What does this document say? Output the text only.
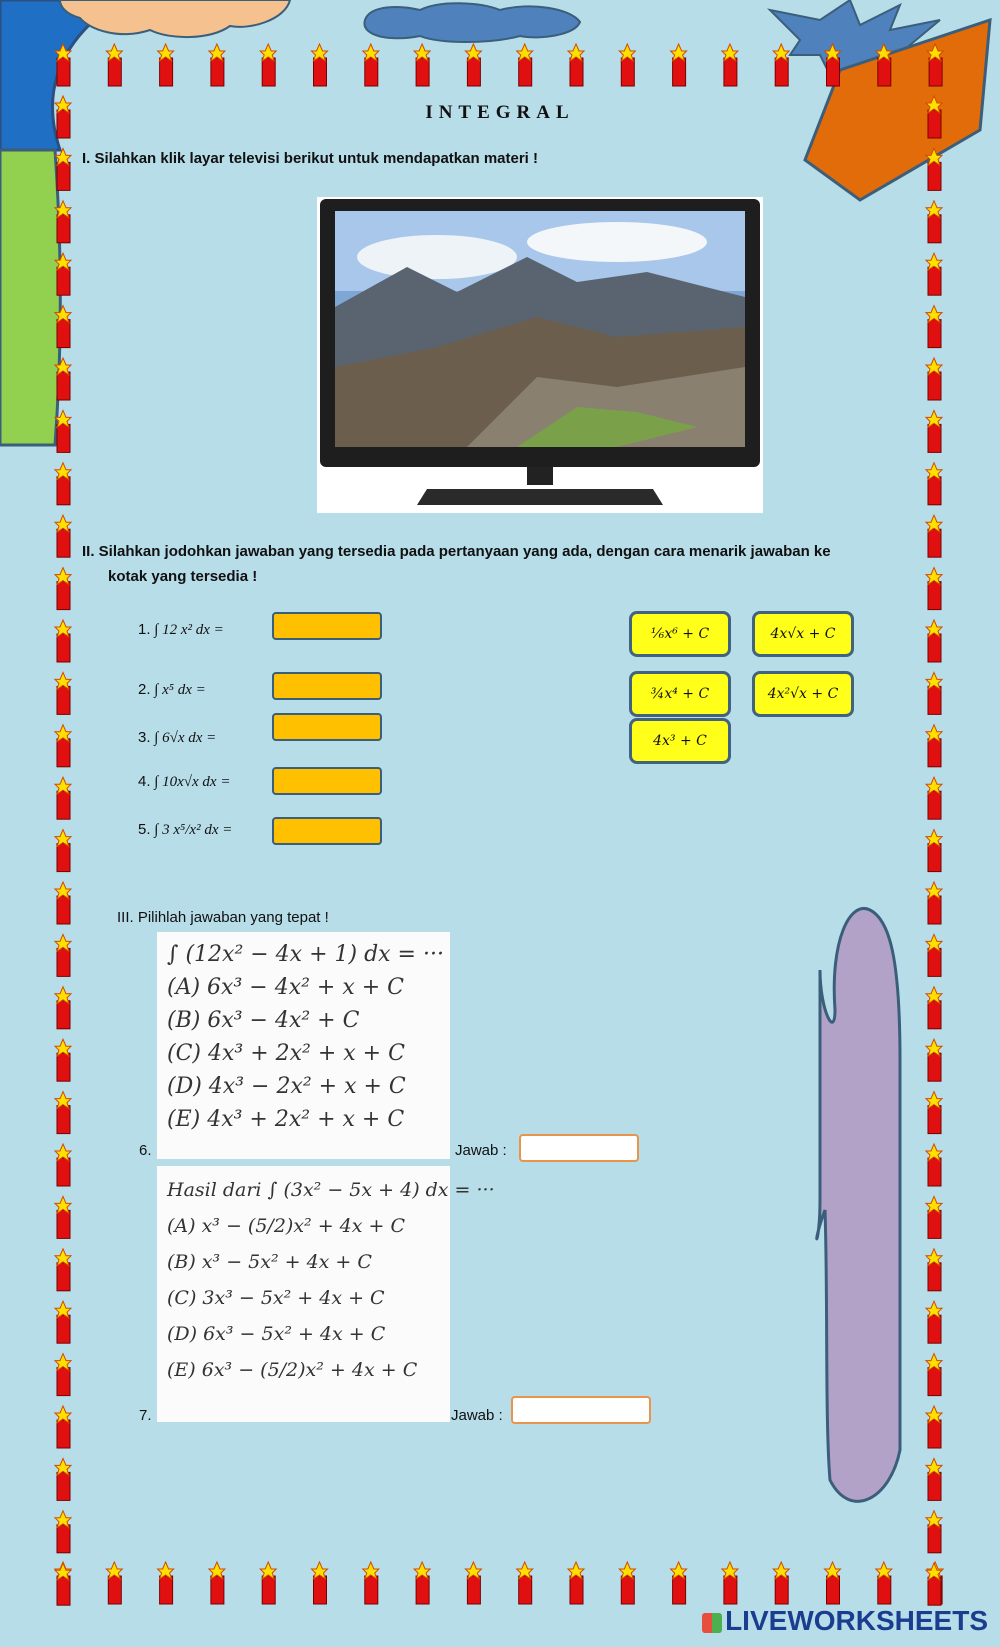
INTEGRAL
I. Silahkan klik layar televisi berikut untuk mendapatkan materi !
II. Silahkan jodohkan jawaban yang tersedia pada pertanyaan yang ada, dengan cara menarik jawaban ke
kotak yang tersedia !
1. ∫ 12 x² dx =
2. ∫ x⁵ dx =
3. ∫ 6√x dx =
4. ∫ 10x√x dx =
5. ∫ 3 x⁵/x² dx =
⅙x⁶ + C	4x√x + C
¾x⁴ + C	4x²√x + C
4x³ + C
III. Pilihlah jawaban yang tepat !
∫ (12x² − 4x + 1) dx = ···
(A) 6x³ − 4x² + x + C
(B) 6x³ − 4x² + C
(C) 4x³ + 2x² + x + C
(D) 4x³ − 2x² + x + C
(E) 4x³ + 2x² + x + C
6.	Jawab :
Hasil dari ∫ (3x² − 5x + 4) dx = ···
(A) x³ − (5/2)x² + 4x + C
(B) x³ − 5x² + 4x + C
(C) 3x³ − 5x² + 4x + C
(D) 6x³ − 5x² + 4x + C
(E) 6x³ − (5/2)x² + 4x + C
7.	Jawab :
LIVEWORKSHEETS
